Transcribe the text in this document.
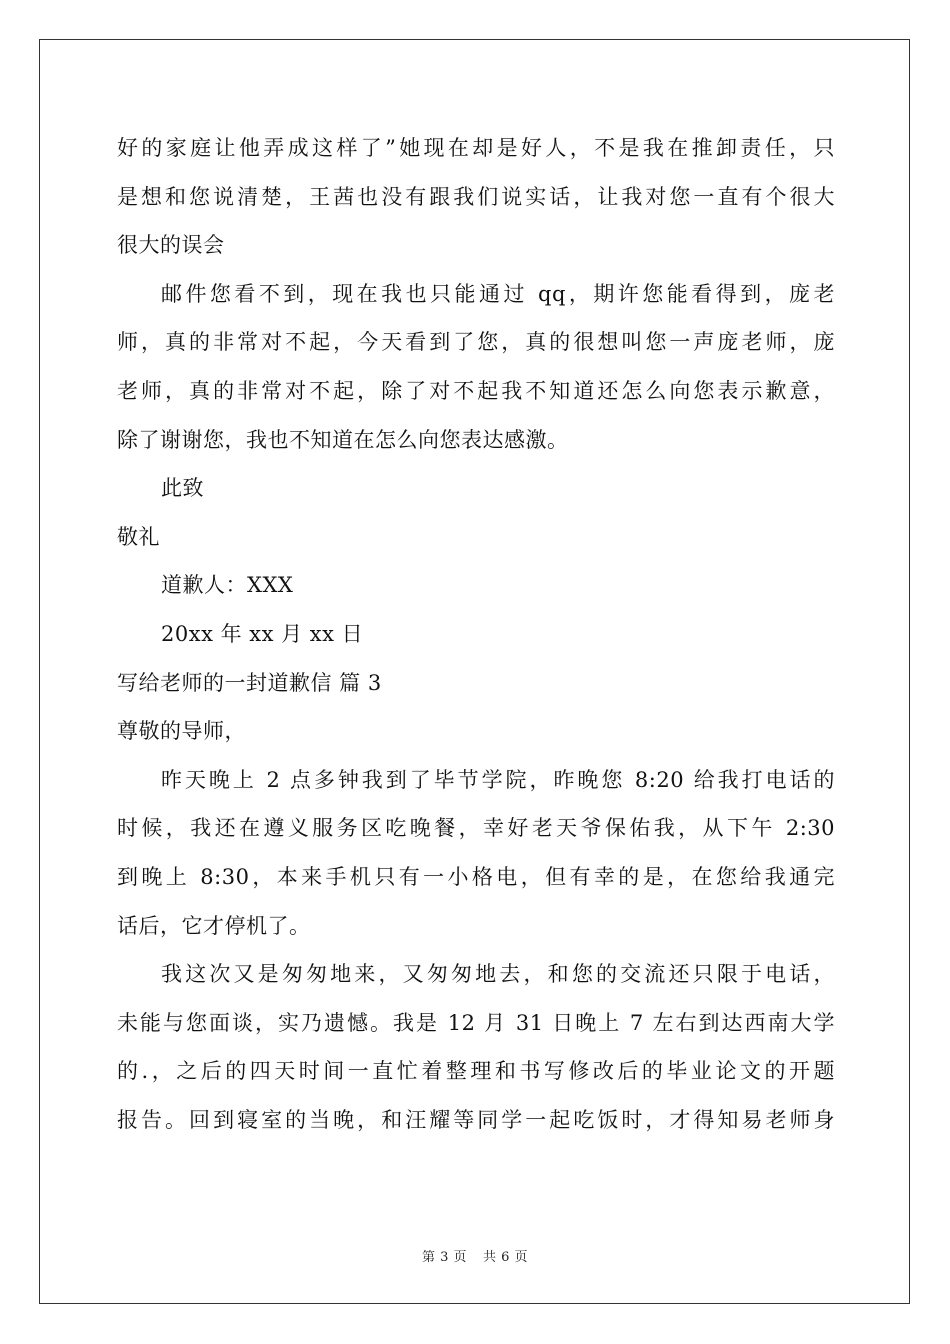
好的家庭让他弄成这样了”她现在却是好人，不是我在推卸责任，只
是想和您说清楚，王茜也没有跟我们说实话，让我对您一直有个很大
很大的误会
邮件您看不到，现在我也只能通过 qq，期许您能看得到，庞老
师，真的非常对不起，今天看到了您，真的很想叫您一声庞老师，庞
老师，真的非常对不起，除了对不起我不知道还怎么向您表示歉意，
除了谢谢您，我也不知道在怎么向您表达感激。
此致
敬礼
道歉人：XXX
20xx 年 xx 月 xx 日
写给老师的一封道歉信 篇 3
尊敬的导师，
昨天晚上 2 点多钟我到了毕节学院，昨晚您 8:20 给我打电话的
时候，我还在遵义服务区吃晚餐，幸好老天爷保佑我，从下午 2:30
到晚上 8:30，本来手机只有一小格电，但有幸的是，在您给我通完
话后，它才停机了。
我这次又是匆匆地来，又匆匆地去，和您的交流还只限于电话，
未能与您面谈，实乃遗憾。我是 12 月 31 日晚上 7 左右到达西南大学
的.，之后的四天时间一直忙着整理和书写修改后的毕业论文的开题
报告。回到寝室的当晚，和汪耀等同学一起吃饭时，才得知易老师身
第 3 页 共 6 页
